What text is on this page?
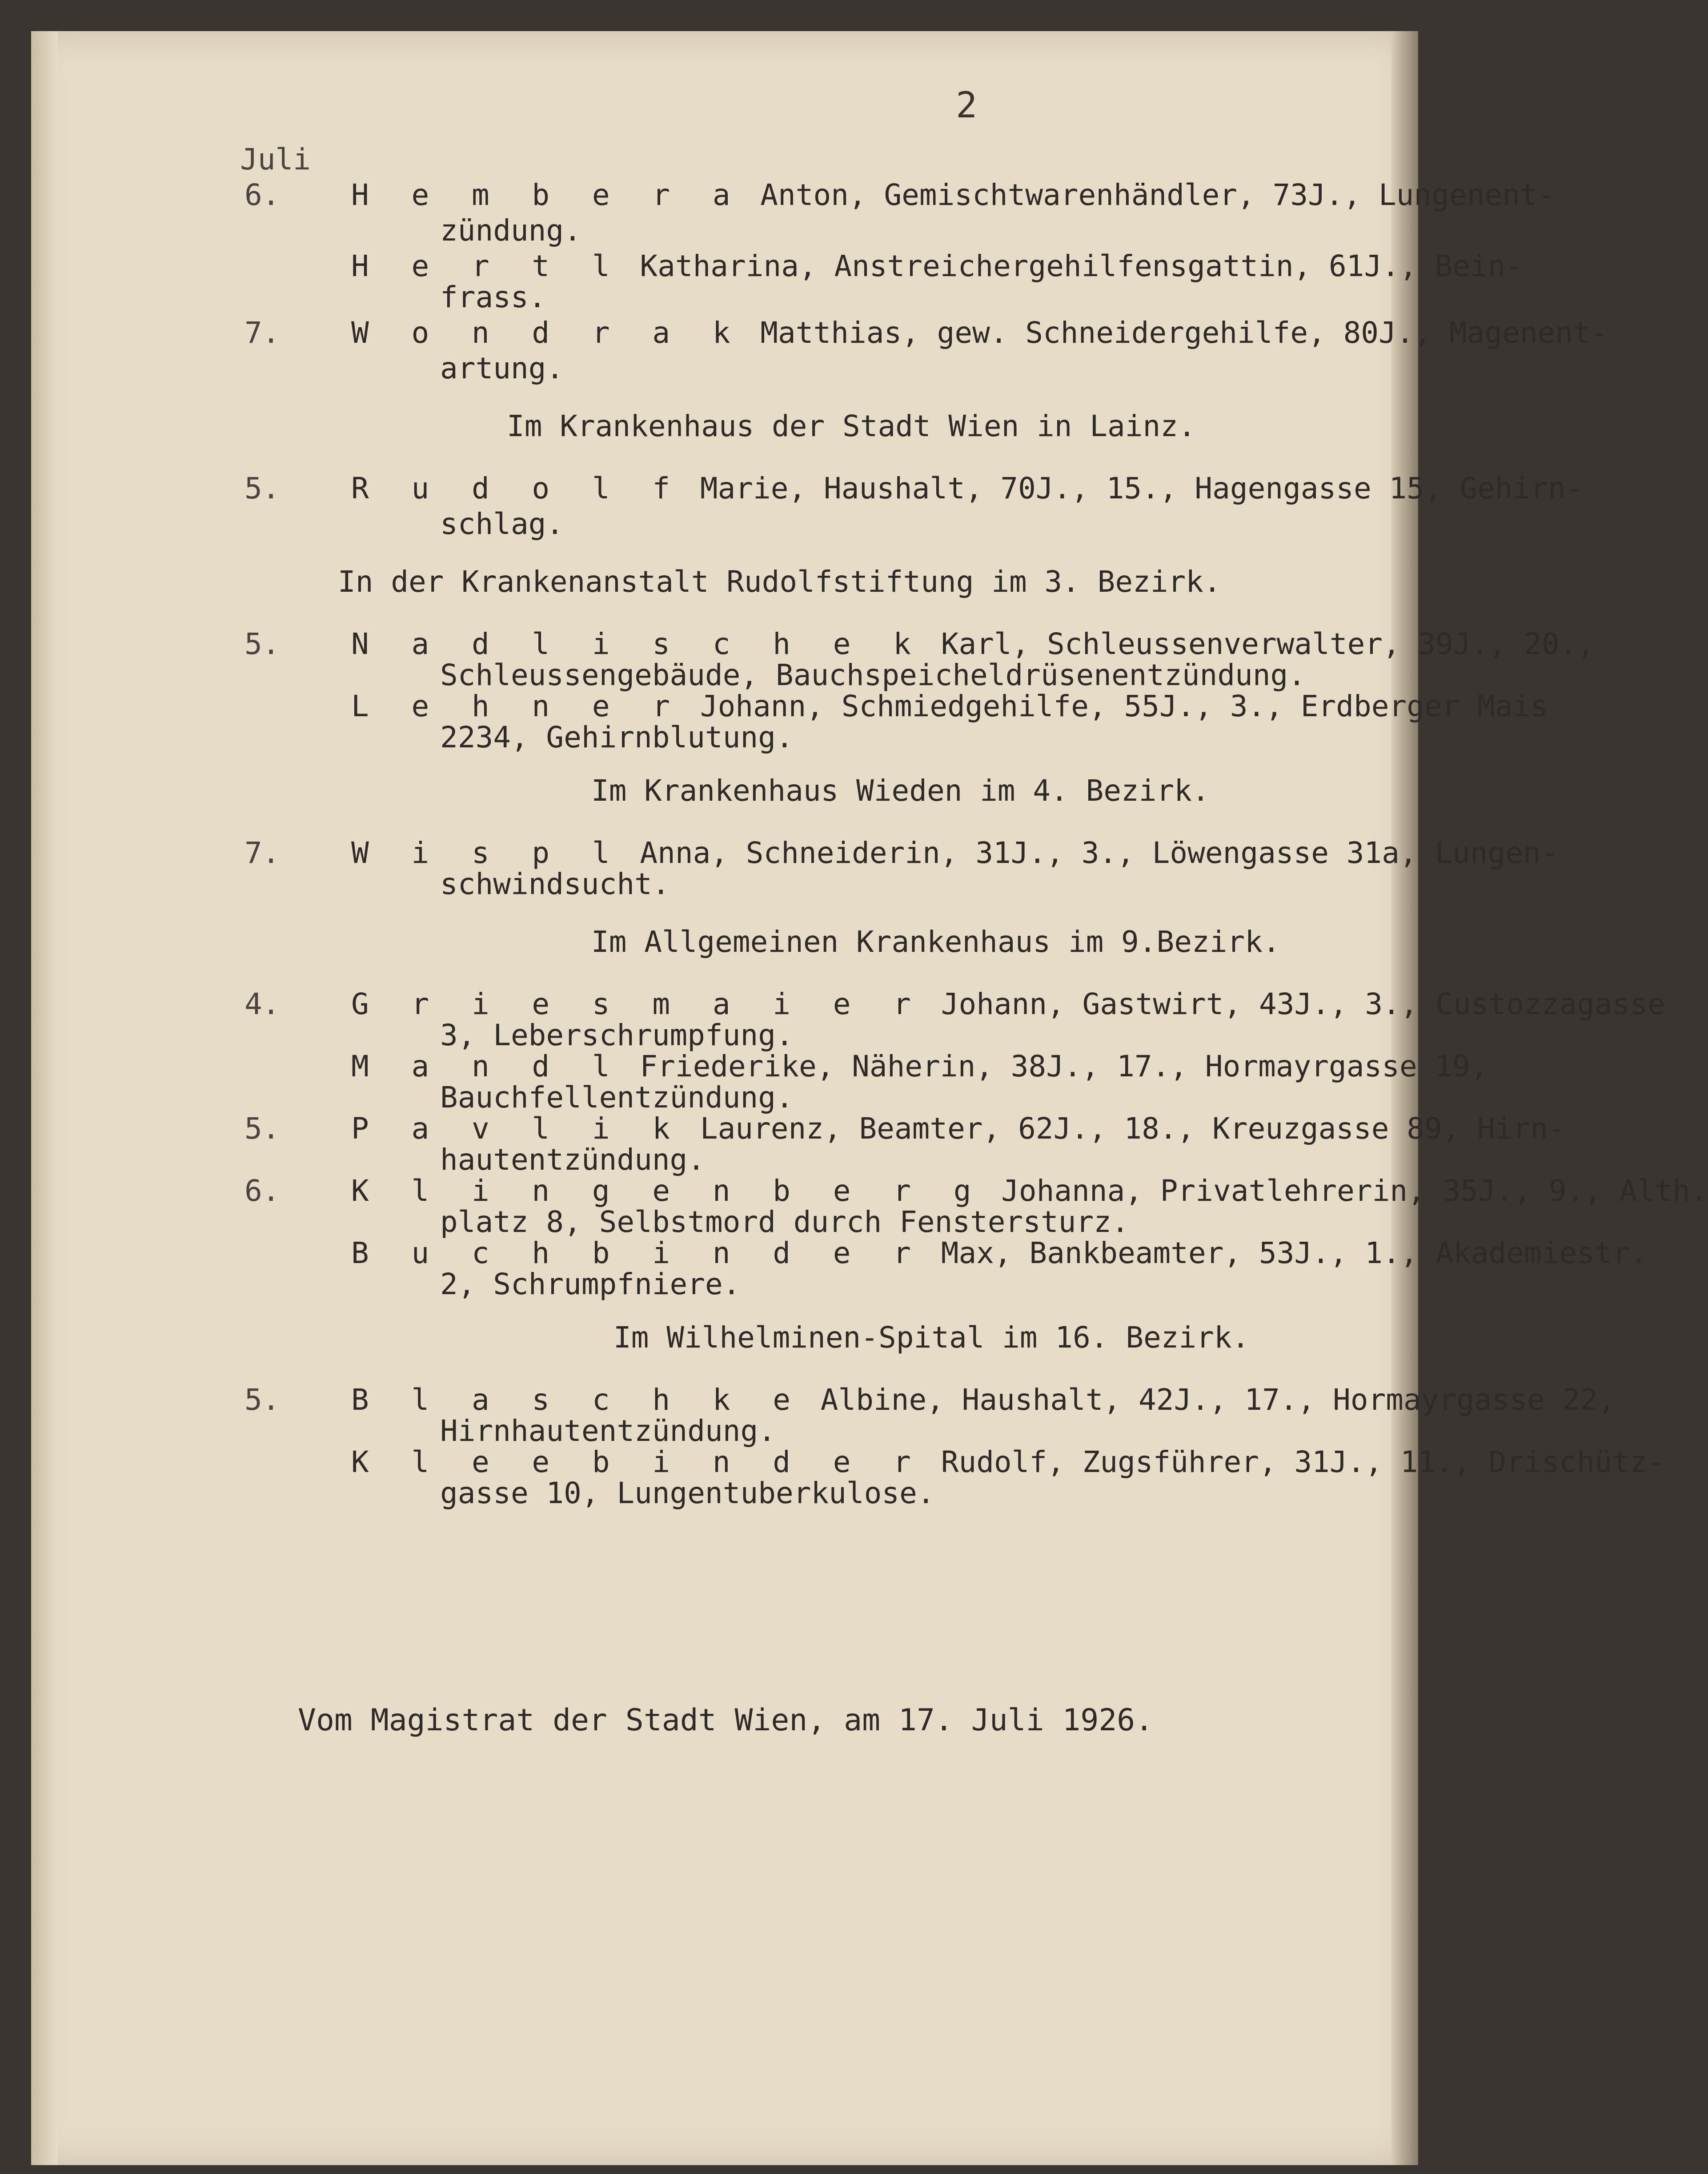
2
Juli
6. H e m b e r a Anton, Gemischtwarenhändler, 73J., Lungenent-
zündung.
H e r t l Katharina, Anstreichergehilfensgattin, 61J., Bein-
frass.
7. W o n d r a k Matthias, gew. Schneidergehilfe, 80J., Magenent-
artung.
Im Krankenhaus der Stadt Wien in Lainz.
5. R u d o l f Marie, Haushalt, 70J., 15., Hagengasse 15, Gehirn-
schlag.
In der Krankenanstalt Rudolfstiftung im 3. Bezirk.
5. N a d l i s c h e k Karl, Schleussenverwalter, 39J., 20.,
Schleussengebäude, Bauchspeicheldrüsenentzündung.
L e h n e r Johann, Schmiedgehilfe, 55J., 3., Erdberger Mais
2234, Gehirnblutung.
Im Krankenhaus Wieden im 4. Bezirk.
7. W i s p l Anna, Schneiderin, 31J., 3., Löwengasse 31a, Lungen-
schwindsucht.
Im Allgemeinen Krankenhaus im 9.Bezirk.
4. G r i e s m a i e r Johann, Gastwirt, 43J., 3., Custozzagasse
3, Leberschrumpfung.
M a n d l Friederike, Näherin, 38J., 17., Hormayrgasse 19,
Bauchfellentzündung.
5. P a v l i k Laurenz, Beamter, 62J., 18., Kreuzgasse 89, Hirn-
hautentzündung.
6. K l i n g e n b e r g Johanna, Privatlehrerin, 35J., 9., Alth.
platz 8, Selbstmord durch Fenstersturz.
B u c h b i n d e r Max, Bankbeamter, 53J., 1., Akademiestr.
2, Schrumpfniere.
Im Wilhelminen-Spital im 16. Bezirk.
5. B l a s c h k e Albine, Haushalt, 42J., 17., Hormayrgasse 22,
Hirnhautentzündung.
K l e e b i n d e r Rudolf, Zugsführer, 31J., 11., Drischütz-
gasse 10, Lungentuberkulose.
Vom Magistrat der Stadt Wien, am 17. Juli 1926.
